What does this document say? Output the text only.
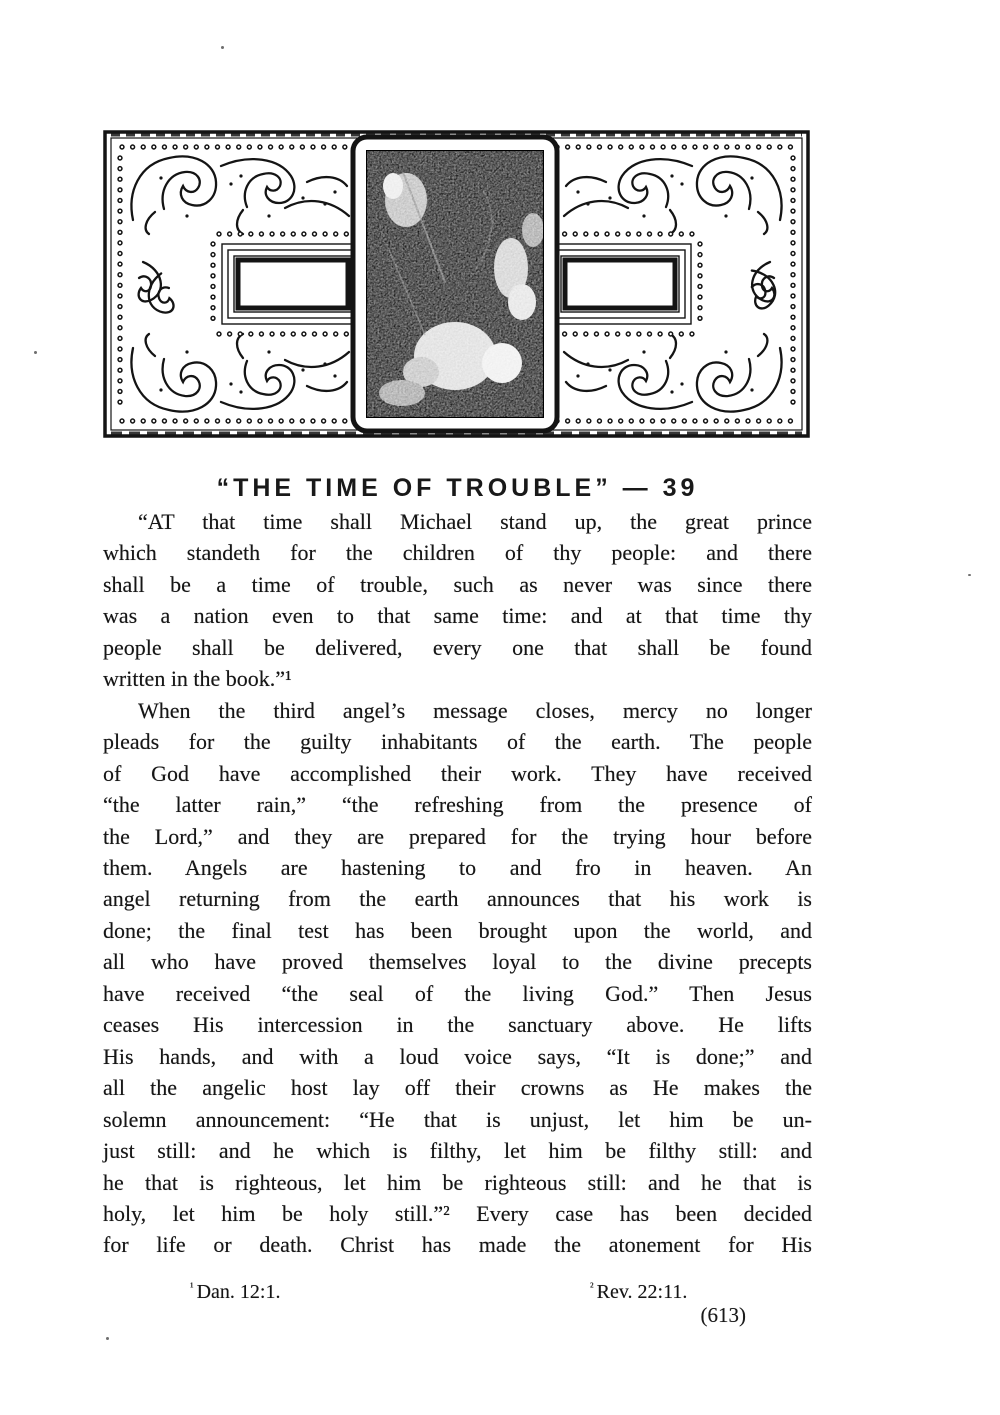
“THE TIME OF TROUBLE” — 39
“AT that time shall Michael stand up, the great prince
which standeth for the children of thy people: and there
shall be a time of trouble, such as never was since there
was a nation even to that same time: and at that time thy
people shall be delivered, every one that shall be found
written in the book.”¹
When the third angel’s message closes, mercy no longer
pleads for the guilty inhabitants of the earth. The people
of God have accomplished their work. They have received
“the latter rain,” “the refreshing from the presence of
the Lord,” and they are prepared for the trying hour before
them. Angels are hastening to and fro in heaven. An
angel returning from the earth announces that his work is
done; the final test has been brought upon the world, and
all who have proved themselves loyal to the divine precepts
have received “the seal of the living God.” Then Jesus
ceases His intercession in the sanctuary above. He lifts
His hands, and with a loud voice says, “It is done;” and
all the angelic host lay off their crowns as He makes the
solemn announcement: “He that is unjust, let him be un-
just still: and he which is filthy, let him be filthy still: and
he that is righteous, let him be righteous still: and he that is
holy, let him be holy still.”² Every case has been decided
for life or death. Christ has made the atonement for His
$^{^1}$ Dan. 12:1.	$^{^2}$ Rev. 22:11.
(613)
